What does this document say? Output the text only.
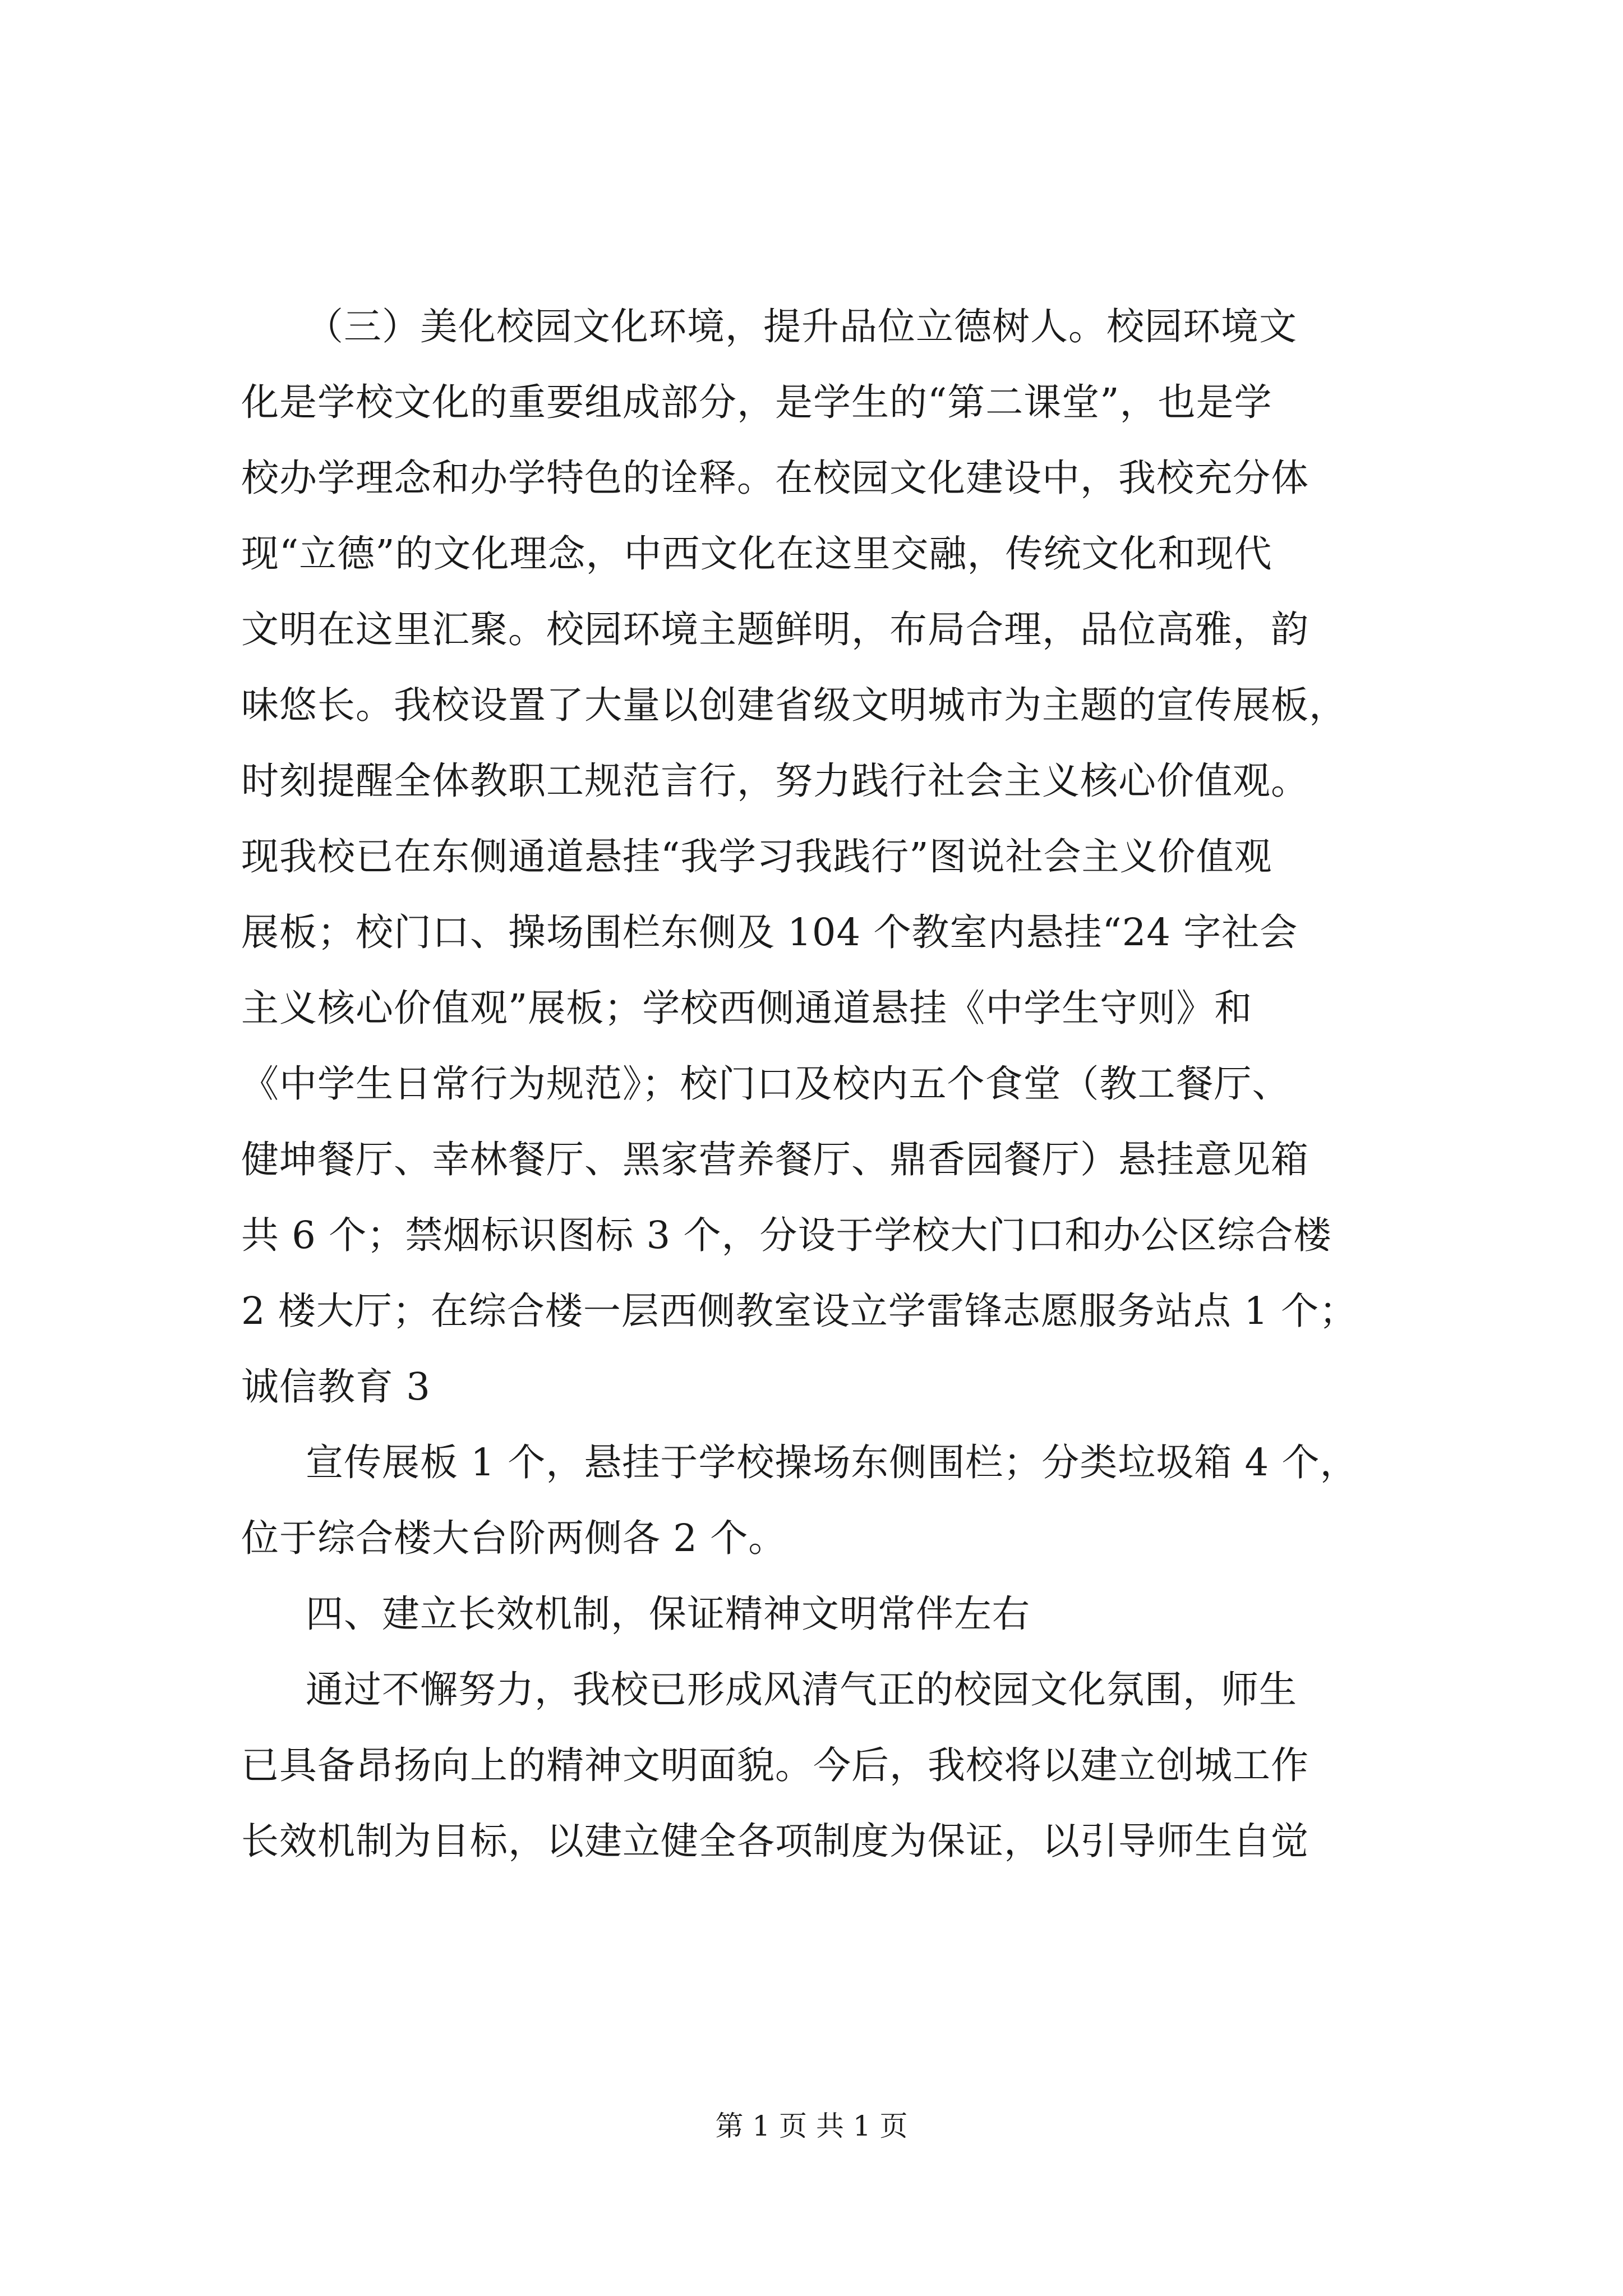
（三）美化校园文化环境，提升品位立德树人。校园环境文
化是学校文化的重要组成部分，是学生的“第二课堂”，也是学
校办学理念和办学特色的诠释。在校园文化建设中，我校充分体
现“立德”的文化理念，中西文化在这里交融，传统文化和现代
文明在这里汇聚。校园环境主题鲜明，布局合理，品位高雅，韵
味悠长。我校设置了大量以创建省级文明城市为主题的宣传展板，
时刻提醒全体教职工规范言行，努力践行社会主义核心价值观。
现我校已在东侧通道悬挂“我学习我践行”图说社会主义价值观
展板；校门口、操场围栏东侧及 104 个教室内悬挂“24 字社会
主义核心价值观”展板；学校西侧通道悬挂《中学生守则》和
《中学生日常行为规范》；校门口及校内五个食堂（教工餐厅、
健坤餐厅、幸林餐厅、黑家营养餐厅、鼎香园餐厅）悬挂意见箱
共 6 个；禁烟标识图标 3 个，分设于学校大门口和办公区综合楼
2 楼大厅；在综合楼一层西侧教室设立学雷锋志愿服务站点 1 个；
诚信教育 3
宣传展板 1 个，悬挂于学校操场东侧围栏；分类垃圾箱 4 个，
位于综合楼大台阶两侧各 2 个。
四、建立长效机制，保证精神文明常伴左右
通过不懈努力，我校已形成风清气正的校园文化氛围，师生
已具备昂扬向上的精神文明面貌。今后，我校将以建立创城工作
长效机制为目标，以建立健全各项制度为保证，以引导师生自觉
第 1 页 共 1 页
